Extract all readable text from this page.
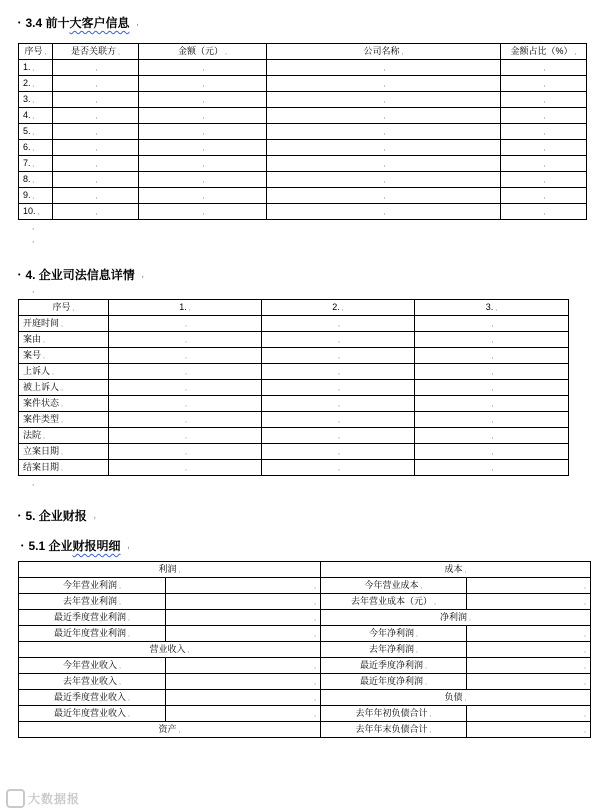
• 3.4 前十大客户信息 ,
序号 ,	是否关联方 ,	金额（元） ,	公司名称 ,	金额占比（%） ,
1. ,	,	,	,	,
2. ,	,	,	,	,
3. ,	,	,	,	,
4. ,	,	,	,	,
5. ,	,	,	,	,
6. ,	,	,	,	,
7. ,	,	,	,	,
8. ,	,	,	,	,
9. ,	,	,	,	,
10. ,	,	,	,	,
,
,
• 4. 企业司法信息详情 ,
,
序号 ,	1. ,	2. ,	3. ,
开庭时间 ,	,	,	,
案由 ,	,	,	,
案号 ,	,	,	,
上诉人 ,	,	,	,
被上诉人 ,	,	,	,
案件状态 ,	,	,	,
案件类型 ,	,	,	,
法院 ,	,	,	,
立案日期 ,	,	,	,
结案日期 ,	,	,	,
,
• 5. 企业财报 ,
• 5.1 企业财报明细 ,
利润 ,		成本 ,	
今年营业利润 ,	,	今年营业成本 ,	,
去年营业利润 ,	,	去年营业成本（元） ,	,
最近季度营业利润 ,	,	净利润 ,	
最近年度营业利润 ,	,	今年净利润 ,	,
营业收入 ,		去年净利润 ,	,
今年营业收入 ,	,	最近季度净利润 ,	,
去年营业收入 ,	,	最近年度净利润 ,	,
最近季度营业收入 ,	,	负债 ,	
最近年度营业收入 ,	,	去年年初负债合计 ,	,
资产 ,		去年年末负债合计 ,	,
大数据报
